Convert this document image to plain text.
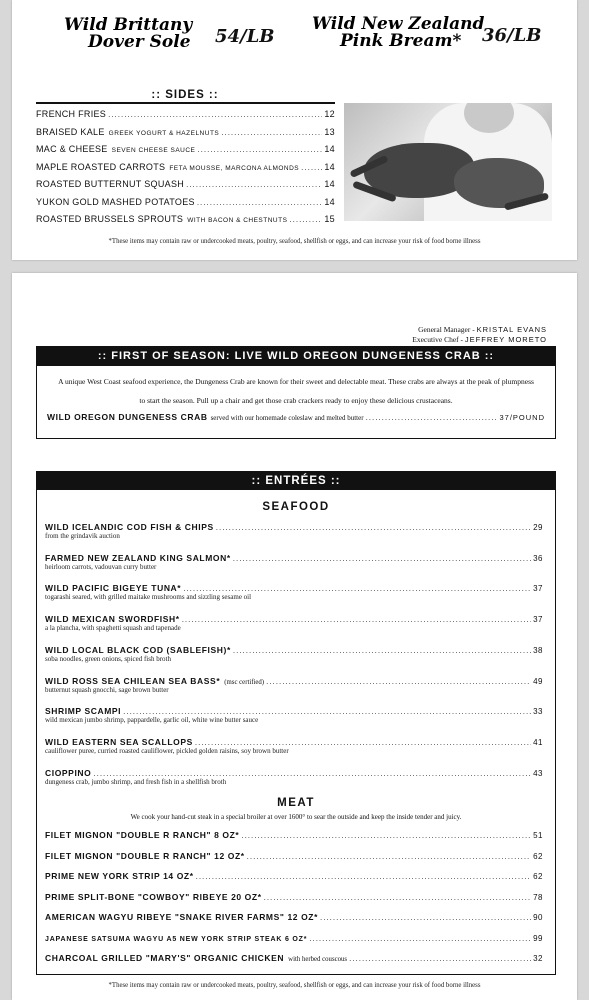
Wild Brittany
Dover Sole 54/LB
Wild New Zealand
Pink Bream*	36/LB
:: SIDES ::
FRENCH FRIES .....	12
BRAISED KALE GREEK YOGURT & HAZELNUTS .....	13
MAC & CHEESE SEVEN CHEESE SAUCE .....	14
MAPLE ROASTED CARROTS FETA MOUSSE, MARCONA ALMONDS .....	14
ROASTED BUTTERNUT SQUASH .....	14
YUKON GOLD MASHED POTATOES .....	14
ROASTED BRUSSELS SPROUTS WITH BACON & CHESTNUTS .....	15
*These items may contain raw or undercooked meats, poultry, seafood, shellfish or eggs, and can increase your risk of food borne illness
General Manager - KRISTAL EVANS
Executive Chef - JEFFREY MORETO
:: FIRST OF SEASON: LIVE WILD OREGON DUNGENESS CRAB ::
A unique West Coast seafood experience, the Dungeness Crab are known for their sweet and delectable meat. These crabs are always at the peak of plumpness
to start the season. Pull up a chair and get those crab crackers ready to enjoy these delicious crustaceans.
WILD OREGON DUNGENESS CRAB served with our homemade coleslaw and melted butter .....	37/POUND
:: ENTRÉES ::
SEAFOOD
WILD ICELANDIC COD FISH & CHIPS .....	29
from the grindavik auction
FARMED NEW ZEALAND KING SALMON* .....	36
heirloom carrots, vadouvan curry butter
WILD PACIFIC BIGEYE TUNA* .....	37
togarashi seared, with grilled maitake mushrooms and sizzling sesame oil
WILD MEXICAN SWORDFISH* .....	37
a la plancha, with spaghetti squash and tapenade
WILD LOCAL BLACK COD (SABLEFISH)* .....	38
soba noodles, green onions, spiced fish broth
WILD ROSS SEA CHILEAN SEA BASS* (msc certified) .....	49
butternut squash gnocchi, sage brown butter
SHRIMP SCAMPI .....	33
wild mexican jumbo shrimp, pappardelle, garlic oil, white wine butter sauce
WILD EASTERN SEA SCALLOPS .....	41
cauliflower puree, curried roasted cauliflower, pickled golden raisins, soy brown butter
CIOPPINO .....	43
dungeness crab, jumbo shrimp, and fresh fish in a shellfish broth
MEAT
We cook your hand-cut steak in a special broiler at over 1600° to sear the outside and keep the inside tender and juicy.
FILET MIGNON "DOUBLE R RANCH" 8 OZ* .....	51
FILET MIGNON "DOUBLE R RANCH" 12 OZ* .....	62
PRIME NEW YORK STRIP 14 OZ* .....	62
PRIME SPLIT-BONE "COWBOY" RIBEYE 20 OZ* .....	78
AMERICAN WAGYU RIBEYE "SNAKE RIVER FARMS" 12 OZ* .....	90
JAPANESE SATSUMA WAGYU A5 NEW YORK STRIP STEAK 6 OZ* .....	99
CHARCOAL GRILLED "MARY'S" ORGANIC CHICKEN with herbed couscous .....	32
*These items may contain raw or undercooked meats, poultry, seafood, shellfish or eggs, and can increase your risk of food borne illness
